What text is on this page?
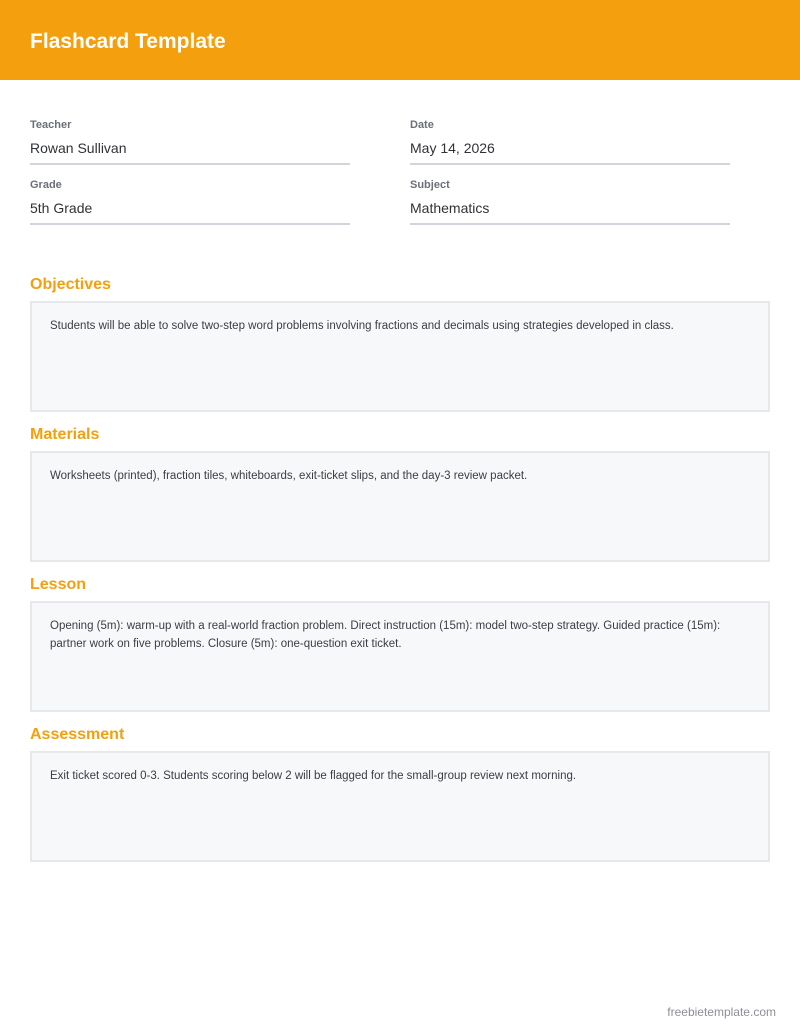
Flashcard Template
Teacher
Rowan Sullivan
Date
May 14, 2026
Grade
5th Grade
Subject
Mathematics
Objectives

Students will be able to solve two-step word problems involving fractions and decimals using strategies developed in class.

Materials

Worksheets (printed), fraction tiles, whiteboards, exit-ticket slips, and the day-3 review packet.

Lesson

Opening (5m): warm-up with a real-world fraction problem. Direct instruction (15m): model two-step strategy. Guided practice (15m): partner work on five problems. Closure (5m): one-question exit ticket.

Assessment

Exit ticket scored 0-3. Students scoring below 2 will be flagged for the small-group review next morning.

freebietemplate.com
